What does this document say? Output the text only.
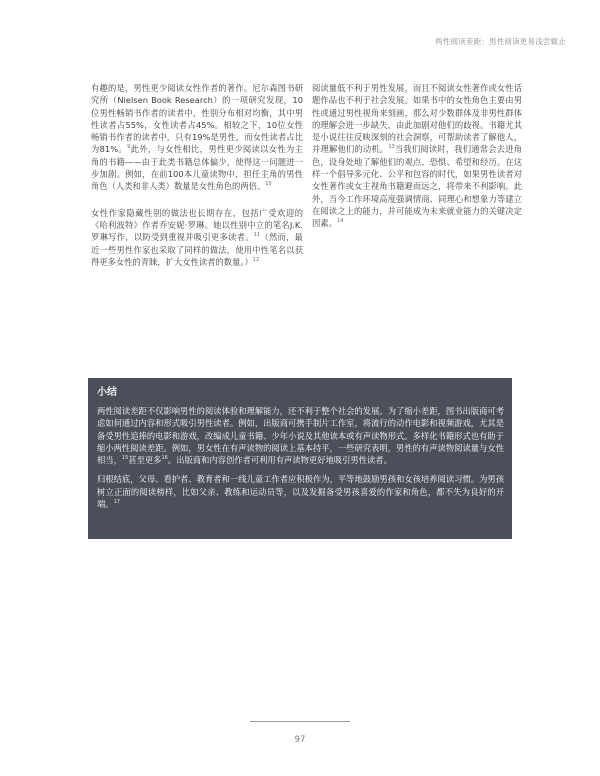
两性阅读差距：男性阅读更易浅尝辄止

有趣的是，男性更少阅读女性作者的著作。尼尔森图书研究所（Nielsen Book Research）的一项研究发现，10位男性畅销书作者的读者中，性别分布相对均衡，其中男性读者占55%，女性读者占45%。相较之下，10位女性畅销书作者的读者中，只有19%是男性，而女性读者占比为81%。$^9$此外，与女性相比，男性更少阅读以女性为主角的书籍——由于此类书籍总体偏少，使得这一问题进一步加剧。例如，在前100本儿童读物中，担任主角的男性角色（人类和非人类）数量是女性角色的两倍。$^{10}$

女性作家隐藏性别的做法也长期存在，包括广受欢迎的《哈利波特》作者乔安妮·罗琳。她以性别中立的笔名J.K.罗琳写作，以防受到重视并吸引更多读者。$^{11}$（然而，最近一些男性作家也采取了同样的做法，使用中性笔名以获得更多女性的青睐，扩大女性读者的数量。）$^{12}$

阅读量低不利于男性发展，而且不阅读女性著作或女性话题作品也不利于社会发展。如果书中的女性角色主要由男性或通过男性视角来刻画，那么对少数群体及非男性群体的理解会进一步缺失，由此加剧对他们的歧视。书籍尤其是小说往往反映深刻的社会洞察，可帮助读者了解他人，并理解他们的动机。$^{13}$当我们阅读时，我们通常会去进角色，设身处地了解他们的观点、恐惧、希望和经历。在这样一个倡导多元化、公平和包容的时代，如果男性读者对女性著作或女主视角书籍避而远之，将带来不利影响。此外，当今工作环境高度强调情商、同理心和想象力等建立在阅读之上的能力，并可能成为未来就业能力的关键决定因素。$^{14}$

小结

两性阅读差距不仅影响男性的阅读体验和理解能力，还不利于整个社会的发展。为了缩小差距，图书出版商可考虑如何通过内容和形式吸引男性读者。例如，出版商可携手制片工作室，将流行的动作电影和视频游戏，尤其是备受男性追捧的电影和游戏，改编成儿童书籍、少年小说及其他读本或有声读物形式。多样化书籍形式也有助于缩小两性阅读差距。例如，男女性在有声读物的阅读上基本持平，一些研究表明，男性的有声读物阅读量与女性相当，$^{15}$甚至更多$^{16}$。出版商和内容创作者可利用有声读物更好地吸引男性读者。

归根结底，父母、看护者、教育者和一线儿童工作者应积极作为，平等地鼓励男孩和女孩培养阅读习惯。为男孩树立正面的阅读榜样，比如父亲、教练和运动员等，以及发掘备受男孩喜爱的作家和角色，都不失为良好的开端。$^{17}$

97
